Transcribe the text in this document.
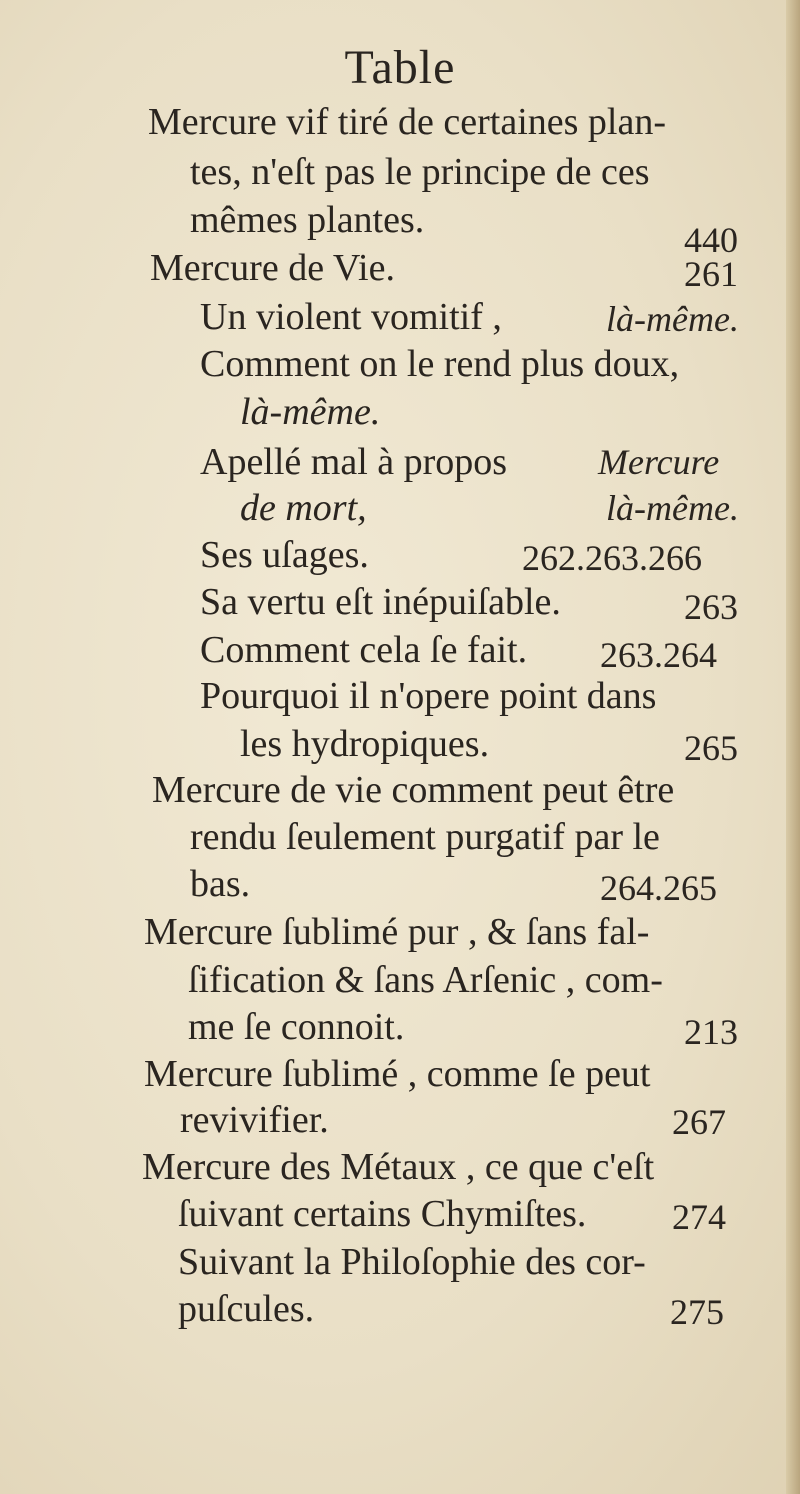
Table
Mercure vif tiré de certaines plan-
tes, n'eſt pas le principe de ces
mêmes plantes.	440
Mercure de Vie.	261
Un violent vomitif ,	là-même.
Comment on le rend plus doux,
là-même.
Apellé mal à propos	Mercure
de mort,	là-même.
Ses uſages.	262.263.266
Sa vertu eſt inépuiſable.	263
Comment cela ſe fait. 263.264
Pourquoi il n'opere point dans
les hydropiques.	265
Mercure de vie comment peut être
rendu ſeulement purgatif par le
bas.	264.265
Mercure ſublimé pur , & ſans fal-
ſification & ſans Arſenic , com-
me ſe connoit.	213
Mercure ſublimé , comme ſe peut
revivifier.	267
Mercure des Métaux , ce que c'eſt
ſuivant certains Chymiſtes. 274
Suivant la Philoſophie des cor-
puſcules.	275
